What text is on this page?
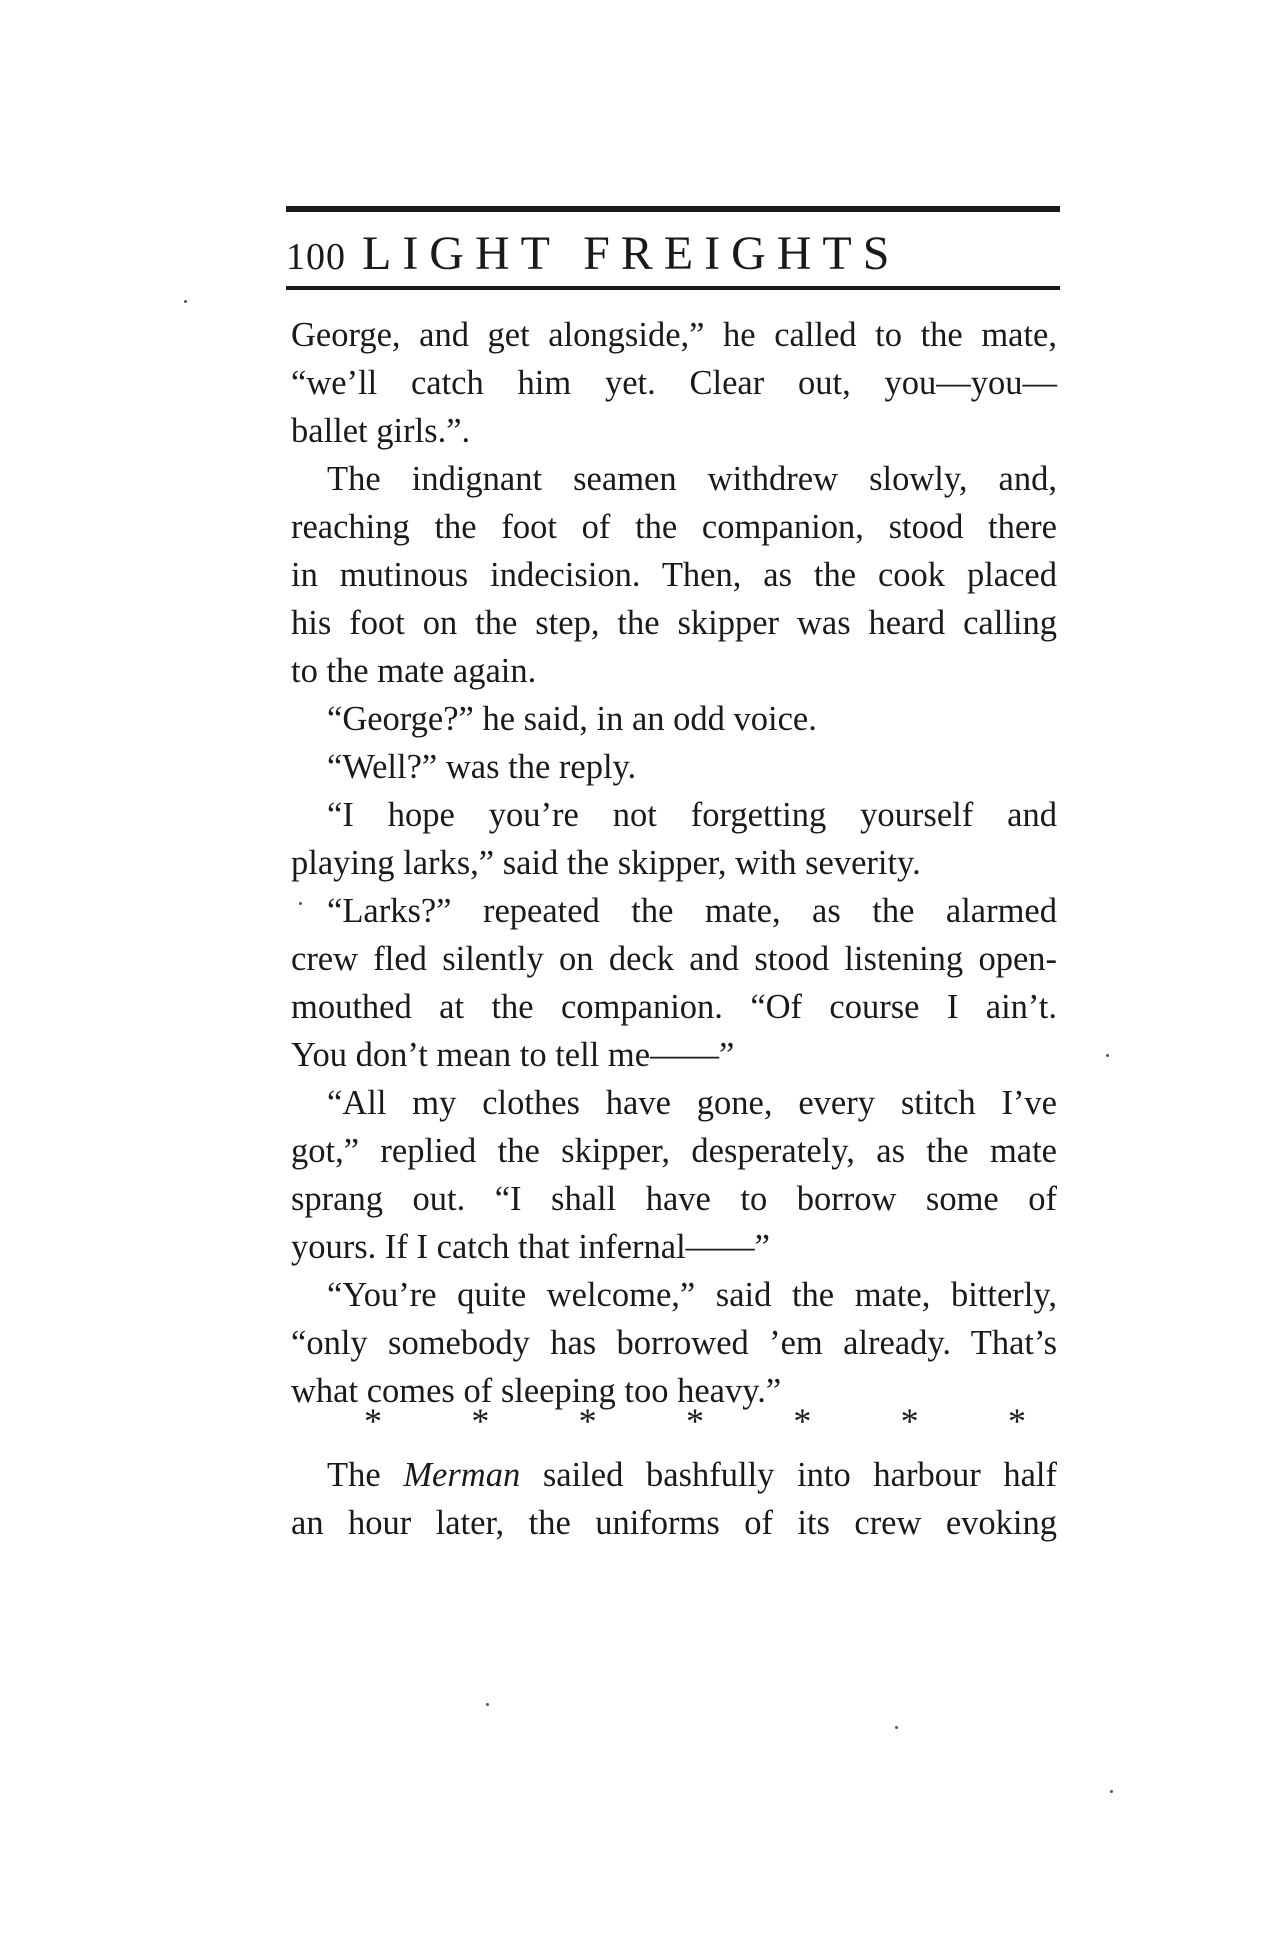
100 LIGHT FREIGHTS
George, and get alongside,” he called to the mate,
“we’ll catch him yet. Clear out, you—you—
ballet girls.”.
The indignant seamen withdrew slowly, and,
reaching the foot of the companion, stood there
in mutinous indecision. Then, as the cook placed
his foot on the step, the skipper was heard calling
to the mate again.
“George?” he said, in an odd voice.
“Well?” was the reply.
“I hope you’re not forgetting yourself and
playing larks,” said the skipper, with severity.
“Larks?” repeated the mate, as the alarmed
crew fled silently on deck and stood listening open-
mouthed at the companion. “Of course I ain’t.
You don’t mean to tell me——”
“All my clothes have gone, every stitch I’ve
got,” replied the skipper, desperately, as the mate
sprang out. “I shall have to borrow some of
yours. If I catch that infernal——”
“You’re quite welcome,” said the mate, bitterly,
“only somebody has borrowed ’em already. That’s
what comes of sleeping too heavy.”
* * * * * * *
The Merman sailed bashfully into harbour half
an hour later, the uniforms of its crew evoking
